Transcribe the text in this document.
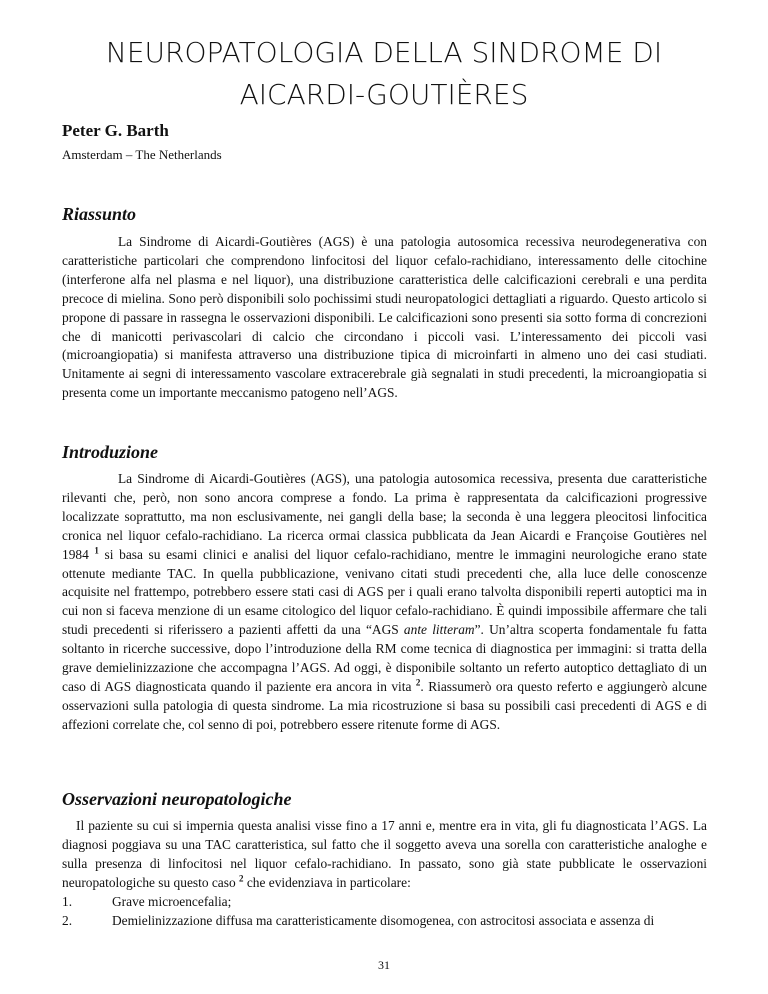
NEUROPATOLOGIA DELLA SINDROME DI
AICARDI-GOUTIÈRES
Peter G. Barth
Amsterdam – The Netherlands
Riassunto
La Sindrome di Aicardi-Goutières (AGS) è una patologia autosomica recessiva neurodegenerativa con caratteristiche particolari che comprendono linfocitosi del liquor cefalo-rachidiano, interessamento delle citochine (interferone alfa nel plasma e nel liquor), una distribuzione caratteristica delle calcificazioni cerebrali e una perdita precoce di mielina. Sono però disponibili solo pochissimi studi neuropatologici dettagliati a riguardo. Questo articolo si propone di passare in rassegna le osservazioni disponibili. Le calcificazioni sono presenti sia sotto forma di concrezioni che di manicotti perivascolari di calcio che circondano i piccoli vasi. L’interessamento dei piccoli vasi (microangiopatia) si manifesta attraverso una distribuzione tipica di microinfarti in almeno uno dei casi studiati. Unitamente ai segni di interessamento vascolare extracerebrale già segnalati in studi precedenti, la microangiopatia si presenta come un importante meccanismo patogeno nell’AGS.
Introduzione
La Sindrome di Aicardi-Goutières (AGS), una patologia autosomica recessiva, presenta due caratteristiche rilevanti che, però, non sono ancora comprese a fondo. La prima è rappresentata da calcificazioni progressive localizzate soprattutto, ma non esclusivamente, nei gangli della base; la seconda è una leggera pleocitosi linfocitica cronica nel liquor cefalo-rachidiano. La ricerca ormai classica pubblicata da Jean Aicardi e Françoise Goutières nel 1984 $^1$ si basa su esami clinici e analisi del liquor cefalo-rachidiano, mentre le immagini neurologiche erano state ottenute mediante TAC. In quella pubblicazione, venivano citati studi precedenti che, alla luce delle conoscenze acquisite nel frattempo, potrebbero essere stati casi di AGS per i quali erano talvolta disponibili reperti autoptici ma in cui non si faceva menzione di un esame citologico del liquor cefalo-rachidiano. È quindi impossibile affermare che tali studi precedenti si riferissero a pazienti affetti da una “AGS ante litteram”. Un’altra scoperta fondamentale fu fatta soltanto in ricerche successive, dopo l’introduzione della RM come tecnica di diagnostica per immagini: si tratta della grave demielinizzazione che accompagna l’AGS. Ad oggi, è disponibile soltanto un referto autoptico dettagliato di un caso di AGS diagnosticata quando il paziente era ancora in vita $^2$. Riassumerò ora questo referto e aggiungerò alcune osservazioni sulla patologia di questa sindrome. La mia ricostruzione si basa su possibili casi precedenti di AGS e di affezioni correlate che, col senno di poi, potrebbero essere ritenute forme di AGS.
Osservazioni neuropatologiche
Il paziente su cui si impernia questa analisi visse fino a 17 anni e, mentre era in vita, gli fu diagnosticata l’AGS. La diagnosi poggiava su una TAC caratteristica, sul fatto che il soggetto aveva una sorella con caratteristiche analoghe e sulla presenza di linfocitosi nel liquor cefalo-rachidiano. In passato, sono già state pubblicate le osservazioni neuropatologiche su questo caso $^2$ che evidenziava in particolare:
1.	Grave microencefalia;
2.	Demielinizzazione diffusa ma caratteristicamente disomogenea, con astrocitosi associata e assenza di
31
